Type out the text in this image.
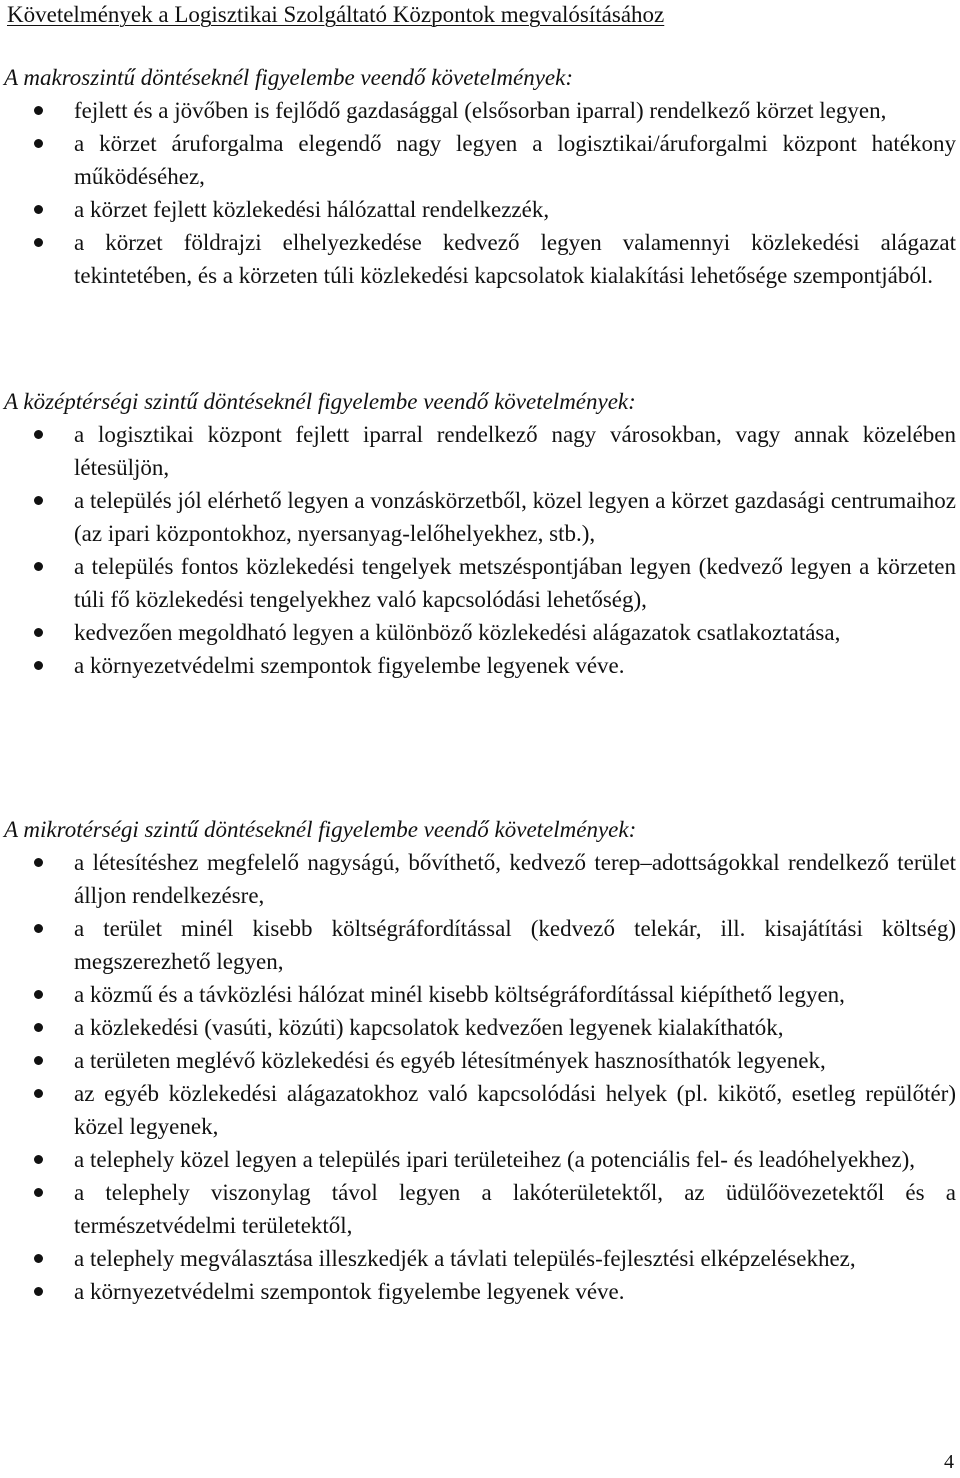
Követelmények a Logisztikai Szolgáltató Központok megvalósításához
A makroszintű döntéseknél figyelembe veendő követelmények:
fejlett és a jövőben is fejlődő gazdasággal (elsősorban iparral) rendelkező körzet legyen,
a körzet áruforgalma elegendő nagy legyen a logisztikai/áruforgalmi központ hatékony működéséhez,
a körzet fejlett közlekedési hálózattal rendelkezzék,
a körzet földrajzi elhelyezkedése kedvező legyen valamennyi közlekedési alágazat tekintetében, és a körzeten túli közlekedési kapcsolatok kialakítási lehetősége szempontjából.
A középtérségi szintű döntéseknél figyelembe veendő követelmények:
a logisztikai központ fejlett iparral rendelkező nagy városokban, vagy annak közelében létesüljön,
a település jól elérhető legyen a vonzáskörzetből, közel legyen a körzet gazdasági centrumaihoz (az ipari központokhoz, nyersanyag-lelőhelyekhez, stb.),
a település fontos közlekedési tengelyek metszéspontjában legyen (kedvező legyen a körzeten túli fő közlekedési tengelyekhez való kapcsolódási lehetőség),
kedvezően megoldható legyen a különböző közlekedési alágazatok csatlakoztatása,
a környezetvédelmi szempontok figyelembe legyenek véve.
A mikrotérségi szintű döntéseknél figyelembe veendő követelmények:
a létesítéshez megfelelő nagyságú, bővíthető, kedvező terep–adottságokkal rendelkező terület álljon rendelkezésre,
a terület minél kisebb költségráfordítással (kedvező telekár, ill. kisajátítási költség) megszerezhető legyen,
a közmű és a távközlési hálózat minél kisebb költségráfordítással kiépíthető legyen,
a közlekedési (vasúti, közúti) kapcsolatok kedvezően legyenek kialakíthatók,
a területen meglévő közlekedési és egyéb létesítmények hasznosíthatók legyenek,
az egyéb közlekedési alágazatokhoz való kapcsolódási helyek (pl. kikötő, esetleg repülőtér) közel legyenek,
a telephely közel legyen a település ipari területeihez (a potenciális fel- és leadóhelyekhez),
a telephely viszonylag távol legyen a lakóterületektől, az üdülőövezetektől és a természetvédelmi területektől,
a telephely megválasztása illeszkedjék a távlati település-fejlesztési elképzelésekhez,
a környezetvédelmi szempontok figyelembe legyenek véve.
4
